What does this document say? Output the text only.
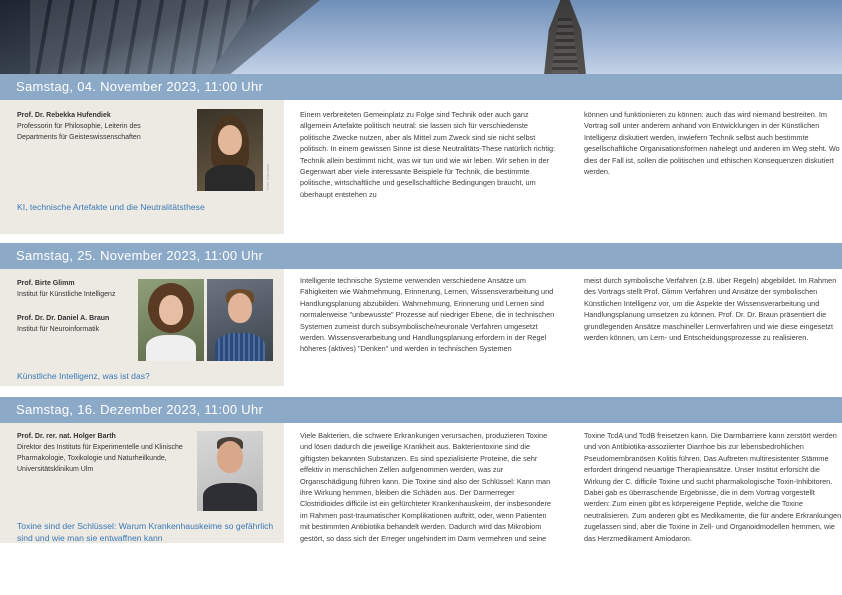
Samstag, 04. November 2023, 11:00 Uhr
Prof. Dr. Rebekka Hufendiek
Professorin für Philosophie, Leiterin des Departments für Geisteswissenschaften
Foto: Kärmaier
KI, technische Artefakte und die Neutralitätsthese

Einem verbreiteten Gemeinplatz zu Folge sind Technik oder auch ganz allgemein Artefakte politisch neutral: sie lassen sich für verschiedenste politische Zwecke nutzen, aber als Mittel zum Zweck sind sie nicht selbst politisch. In einem gewissen Sinne ist diese Neutralitäts-These natürlich richtig: Technik allein bestimmt nicht, was wir tun und wie wir leben. Wir sehen in der Gegenwart aber viele interessante Beispiele für Technik, die bestimmte politische, wirtschaftliche und gesellschaftliche Bedingungen braucht, um überhaupt entstehen zu

können und funktionieren zu können: auch das wird niemand bestreiten. Im Vortrag soll unter anderem anhand von Entwicklungen in der Künstlichen Intelligenz diskutiert werden, inwiefern Technik selbst auch bestimmte gesellschaftliche Organisationsformen nahelegt und anderen im Weg steht. Wo dies der Fall ist, sollen die politischen und ethischen Konsequenzen diskutiert werden.

Samstag, 25. November 2023, 11:00 Uhr
Prof. Birte Glimm
Institut für Künstliche Intelligenz
Prof. Dr. Dr. Daniel A. Braun
Institut für Neuroinformatik
Künstliche Intelligenz, was ist das?

Intelligente technische Systeme verwenden verschiedene Ansätze um Fähigkeiten wie Wahrnehmung, Erinnerung, Lernen, Wissensverarbeitung und Handlungsplanung abzubilden. Wahrnehmung, Erinnerung und Lernen sind normalerweise "unbewusste" Prozesse auf niedriger Ebene, die in technischen Systemen zumeist durch subsymbolische/neuronale Verfahren umgesetzt werden. Wissensverarbeitung und Handlungsplanung erfordern in der Regel höheres (aktives) "Denken" und werden in technischen Systemen

meist durch symbolische Verfahren (z.B. über Regeln) abgebildet. Im Rahmen des Vortrags stellt Prof. Glimm Verfahren und Ansätze der symbolischen Künstlichen Intelligenz vor, um die Aspekte der Wissensverarbeitung und Handlungsplanung umsetzen zu können. Prof. Dr. Dr. Braun präsentiert die grundlegenden Ansätze maschineller Lernverfahren und wie diese eingesetzt werden können, um Lern- und Entscheidungsprozesse zu realisieren.

Samstag, 16. Dezember 2023, 11:00 Uhr
Prof. Dr. rer. nat. Holger Barth
Direktor des Instituts für Experimentelle und Klinische Pharmakologie, Toxikologie und Naturheilkunde, Universitätsklinikum Ulm
Toxine sind der Schlüssel: Warum Krankenhauskeime so gefährlich sind und wie man sie entwaffnen kann

Viele Bakterien, die schwere Erkrankungen verursachen, produzieren Toxine und lösen dadurch die jeweilige Krankheit aus. Bakterientoxine sind die giftigsten bekannten Substanzen. Es sind spezialisierte Proteine, die sehr effektiv in menschlichen Zellen aufgenommen werden, was zur Organschädigung führen kann. Die Toxine sind also der Schlüssel: Kann man ihre Wirkung hemmen, bleiben die Schäden aus. Der Darmerreger Clostridioides difficile ist ein gefürchteter Krankenhauskeim, der insbesondere im Rahmen post-traumatischer Komplikationen auftritt, oder, wenn Patienten mit bestimmten Antibiotika behandelt werden. Dadurch wird das Mikrobiom gestört, so dass sich der Erreger ungehindert im Darm vermehren und seine

Toxine TcdA und TcdB freisetzen kann. Die Darmbarriere kann zerstört werden und von Antibiotika-assoziierter Diarrhoe bis zur lebensbedrohlichen Pseudomembranösen Kolitis führen. Das Auftreten multiresistenter Stämme erfordert dringend neuartige Therapieansätze. Unser Institut erforscht die Wirkung der C. difficile Toxine und sucht pharmakologische Toxin-Inhibitoren. Dabei gab es überraschende Ergebnisse, die in dem Vortrag vorgestellt werden: Zum einen gibt es körpereigene Peptide, welche die Toxine neutralisieren. Zum anderen gibt es Medikamente, die für andere Erkrankungen zugelassen sind, aber die Toxine in Zell- und Organoidmodellen hemmen, wie das Herzmedikament Amiodaron.
